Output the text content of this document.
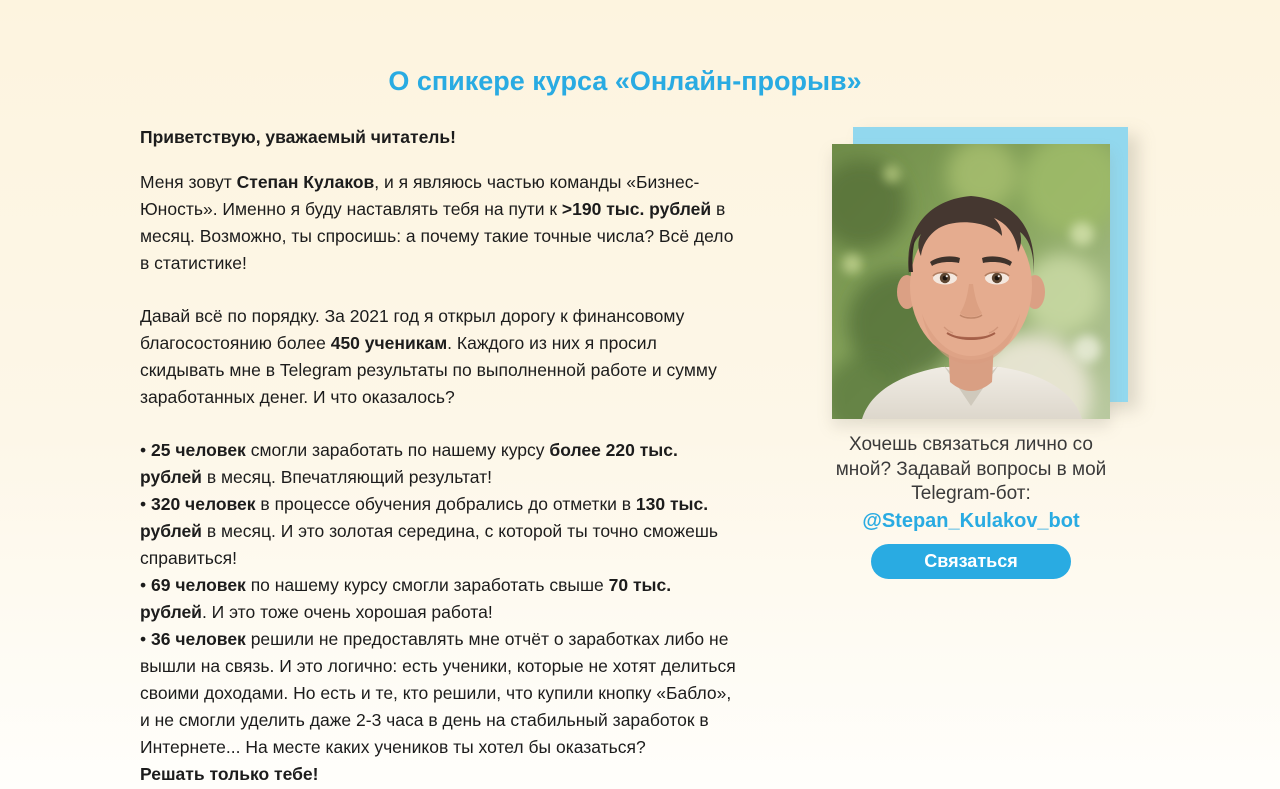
О спикере курса «Онлайн-прорыв»

Приветствую, уважаемый читатель!

Меня зовут Степан Кулаков, и я являюсь частью команды «Бизнес-Юность». Именно я буду наставлять тебя на пути к >190 тыс. рублей в месяц. Возможно, ты спросишь: а почему такие точные числа? Всё дело в статистике!

Давай всё по порядку. За 2021 год я открыл дорогу к финансовому благосостоянию более 450 ученикам. Каждого из них я просил скидывать мне в Telegram результаты по выполненной работе и сумму заработанных денег. И что оказалось?

• 25 человек смогли заработать по нашему курсу более 220 тыс. рублей в месяц. Впечатляющий результат!

• 320 человек в процессе обучения добрались до отметки в 130 тыс. рублей в месяц. И это золотая середина, с которой ты точно сможешь справиться!

• 69 человек по нашему курсу смогли заработать свыше 70 тыс. рублей. И это тоже очень хорошая работа!

• 36 человек решили не предоставлять мне отчёт о заработках либо не вышли на связь. И это логично: есть ученики, которые не хотят делиться своими доходами. Но есть и те, кто решили, что купили кнопку «Бабло», и не смогли уделить даже 2-3 часа в день на стабильный заработок в Интернете... На месте каких учеников ты хотел бы оказаться?

Решать только тебе!

Хочешь связаться лично со мной? Задавай вопросы в мой Telegram-бот:

@Stepan_Kulakov_bot
Связаться
